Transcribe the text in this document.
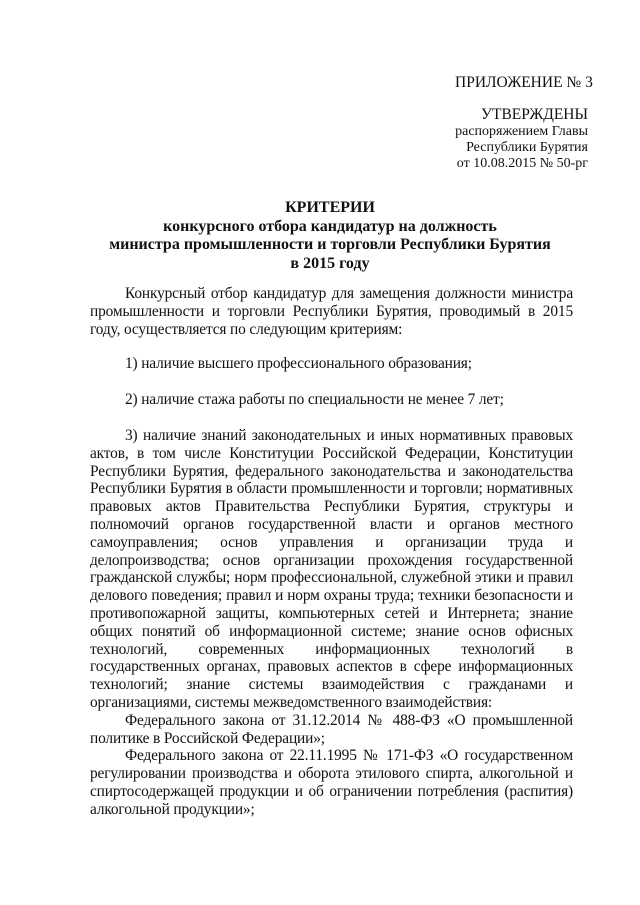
ПРИЛОЖЕНИЕ № 3
УТВЕРЖДЕНЫ
распоряжением Главы
Республики Бурятия
от 10.08.2015 № 50-рг
КРИТЕРИИ
конкурсного отбора кандидатур на должность
министра промышленности и торговли Республики Бурятия
в 2015 году

Конкурсный отбор кандидатур для замещения должности министра промышленности и торговли Республики Бурятия, проводимый в 2015 году, осуществляется по следующим критериям:

1) наличие высшего профессионального образования;

2) наличие стажа работы по специальности не менее 7 лет;

3) наличие знаний законодательных и иных нормативных правовых актов, в том числе Конституции Российской Федерации, Конституции Республики Бурятия, федерального законодательства и законодательства Республики Бурятия в области промышленности и торговли; нормативных правовых актов Правительства Республики Бурятия, структуры и полномочий органов государственной власти и органов местного самоуправления; основ управления и организации труда и делопроизводства; основ организации прохождения государственной гражданской службы; норм профессиональной, служебной этики и правил делового поведения; правил и норм охраны труда; техники безопасности и противопожарной защиты, компьютерных сетей и Интернета; знание общих понятий об информационной системе; знание основ офисных технологий, современных информационных технологий в государственных органах, правовых аспектов в сфере информационных технологий; знание системы взаимодействия с гражданами и организациями, системы межведомственного взаимодействия:

Федерального закона от 31.12.2014 № 488-ФЗ «О промышленной политике в Российской Федерации»;

Федерального закона от 22.11.1995 № 171-ФЗ «О государственном регулировании производства и оборота этилового спирта, алкогольной и спиртосодержащей продукции и об ограничении потребления (распития) алкогольной продукции»;
